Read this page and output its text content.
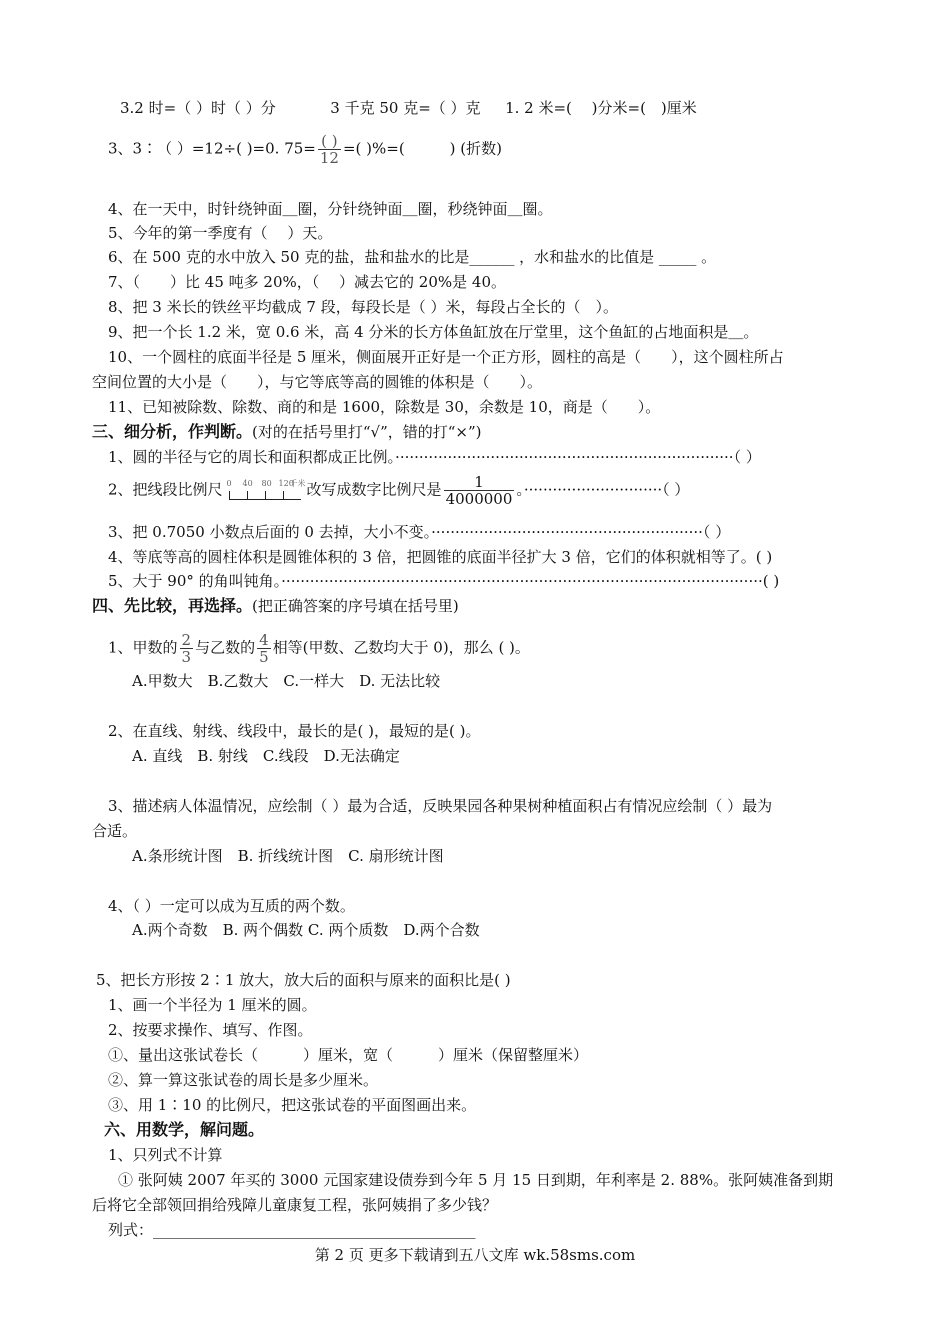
3.2 时=（ ）时（ ）分 　　　 3 千克 50 克=（ ）克 　 1. 2 米=(　 )分米=(　)厘米
3、3∶（ ）=12÷( )=0. $75= \frac{( )}{12}$ =( )%=(　　　) (折数)
4、在一天中，时针绕钟面＿圈，分针绕钟面＿圈，秒绕钟面＿圈。
5、今年的第一季度有（　 ）天。
6、在 500 克的水中放入 50 克的盐，盐和盐水的比是______ ，水和盐水的比值是 _____ 。
7、（　　）比 45 吨多 20%，（　 ）减去它的 20%是 40。
8、把 3 米长的铁丝平均截成 7 段，每段长是（ ）米，每段占全长的（　）。
9、把一个长 1.2 米，宽 0.6 米，高 4 分米的长方体鱼缸放在厅堂里，这个鱼缸的占地面积是＿。
10、一个圆柱的底面半径是 5 厘米，侧面展开正好是一个正方形，圆柱的高是（　　），这个圆柱所占
空间位置的大小是（　　），与它等底等高的圆锥的体积是（　　）。
11、已知被除数、除数、商的和是 1600，除数是 30，余数是 10，商是（　　）。
三、细分析，作判断。(对的在括号里打“√”，错的打“×”)
1、圆的半径与它的周长和面积都成正比例。·······································································（ ）
2、把线段比例尺 0 40 80 120
千米 改写成数字比例尺是 $\frac{1}{4000000}$ 。·····························（ ）
3、把 0.7050 小数点后面的 0 去掉，大小不变。·························································（ ）
4、等底等高的圆柱体积是圆锥体积的 3 倍，把圆锥的底面半径扩大 3 倍，它们的体积就相等了。( )
5、大于 90° 的角叫钝角。·····································································································( )
四、先比较，再选择。(把正确答案的序号填在括号里)
1、甲数的 $\frac{2}{3}$ 与乙数的 $\frac{4}{5}$ 相等(甲数、乙数均大于 0)，那么 ( )。
A.甲数大　B.乙数大　C.一样大　D. 无法比较
2、在直线、射线、线段中，最长的是( )，最短的是( )。
A. 直线　B. 射线　C.线段　D.无法确定
3、描述病人体温情况，应绘制（ ）最为合适，反映果园各种果树种植面积占有情况应绘制（ ）最为
合适。
A.条形统计图　B. 折线统计图　C. 扇形统计图
4、（ ）一定可以成为互质的两个数。
A.两个奇数　B. 两个偶数 C. 两个质数　D.两个合数
5、把长方形按 2∶1 放大，放大后的面积与原来的面积比是( )
1、画一个半径为 1 厘米的圆。
2、按要求操作、填写、作图。
①、量出这张试卷长（　　　）厘米，宽（　　　）厘米（保留整厘米）
②、算一算这张试卷的周长是多少厘米。
③、用 1∶10 的比例尺，把这张试卷的平面图画出来。
六、用数学，解问题。
1、只列式不计算
① 张阿姨 2007 年买的 3000 元国家建设债券到今年 5 月 15 日到期，年利率是 2. 88%。张阿姨准备到期
后将它全部领回捐给残障儿童康复工程，张阿姨捐了多少钱？
列式：___________________________________________
第 2 页 更多下载请到五八文库 wk.58sms.com
